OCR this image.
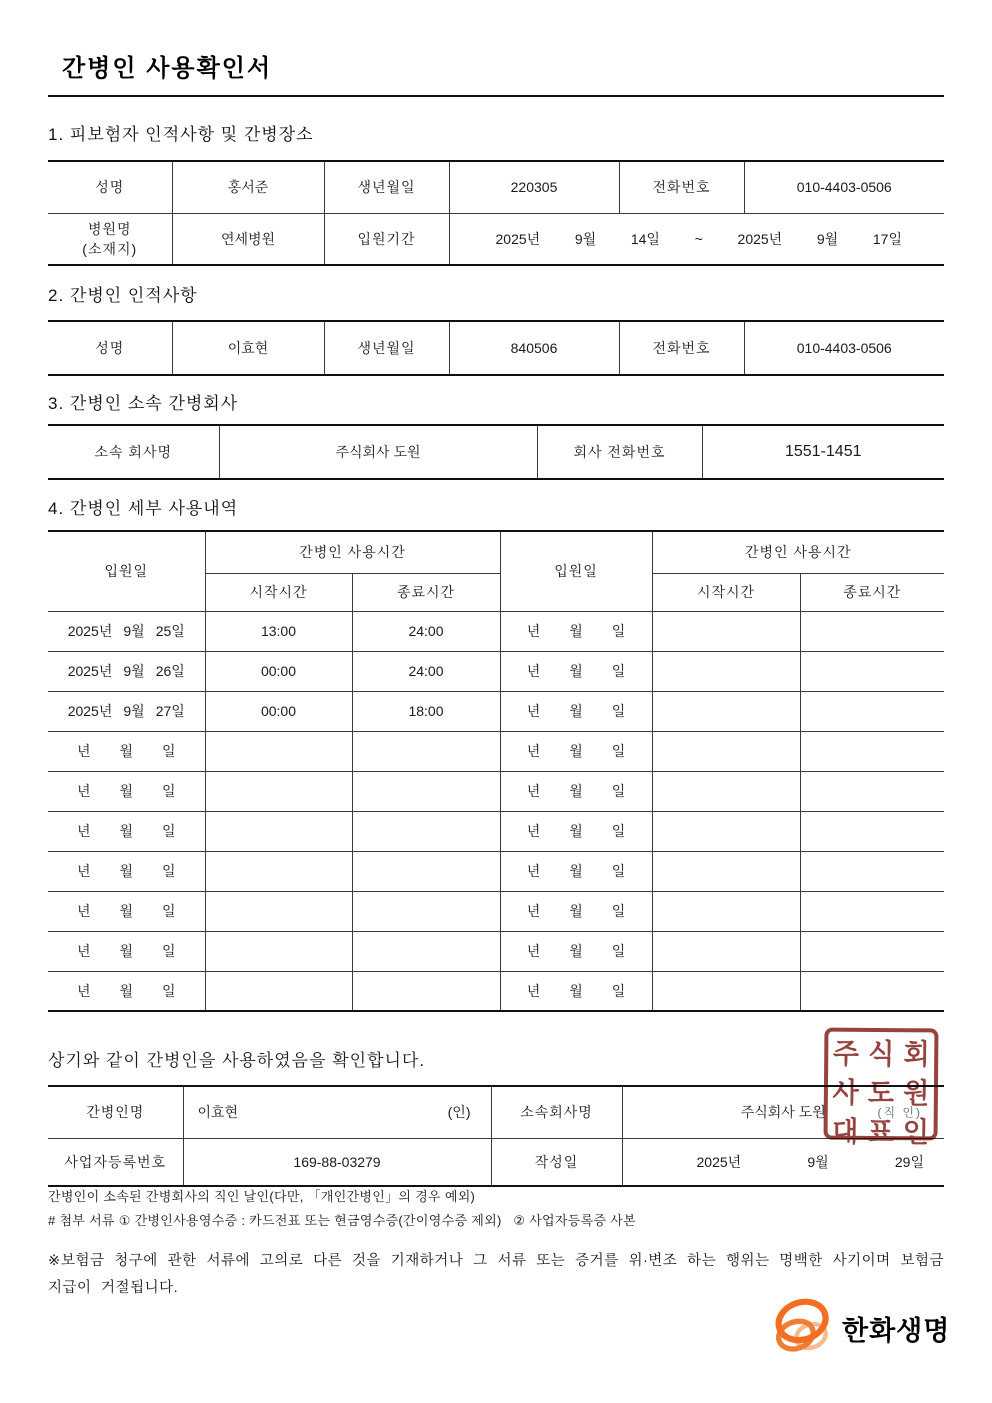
간병인 사용확인서
1. 피보험자 인적사항 및 간병장소
성명	홍서준	생년월일	220305	전화번호	010-4403-0506

병원명
(소재지)
	연세병원	입원기간	2025년 9월 14일 ~ 2025년 9월 17일
2. 간병인 인적사항
성명	이효현	생년월일	840506	전화번호	010-4403-0506
3. 간병인 소속 간병회사
소속 회사명	주식회사 도원	회사 전화번호	1551-1451
4. 간병인 세부 사용내역
입원일	간병인 사용시간		입원일	간병인 사용시간	
	시작시간	종료시간		시작시간	종료시간

2025년 9월 25일	13:00	24:00	년 월 일		

2025년 9월 26일	00:00	24:00	년 월 일		

2025년 9월 27일	00:00	18:00	년 월 일		

년 월 일			년 월 일		

년 월 일			년 월 일		

년 월 일			년 월 일		

년 월 일			년 월 일		

년 월 일			년 월 일		

년 월 일			년 월 일		

년 월 일			년 월 일		

상기와 같이 간병인을 사용하였음을 확인합니다.
간병인명	이효현 (인)	소속회사명	주식회사 도원 (직 인)

사업자등록번호	169-88-03279	작성일	2025년 9월 29일
주 식 회
사 도 원
대 표 인
간병인이 소속된 간병회사의 직인 날인(다만, 「개인간병인」의 경우 예외)
# 첨부 서류 ① 간병인사용영수증 : 카드전표 또는 현금영수증(간이영수증 제외)   ② 사업자등록증 사본
※보험금 청구에 관한 서류에 고의로 다른 것을 기재하거나 그 서류 또는 증거를 위·변조 하는 행위는 명백한 사기이며 보험금 지급이 거절됩니다.
한화생명
